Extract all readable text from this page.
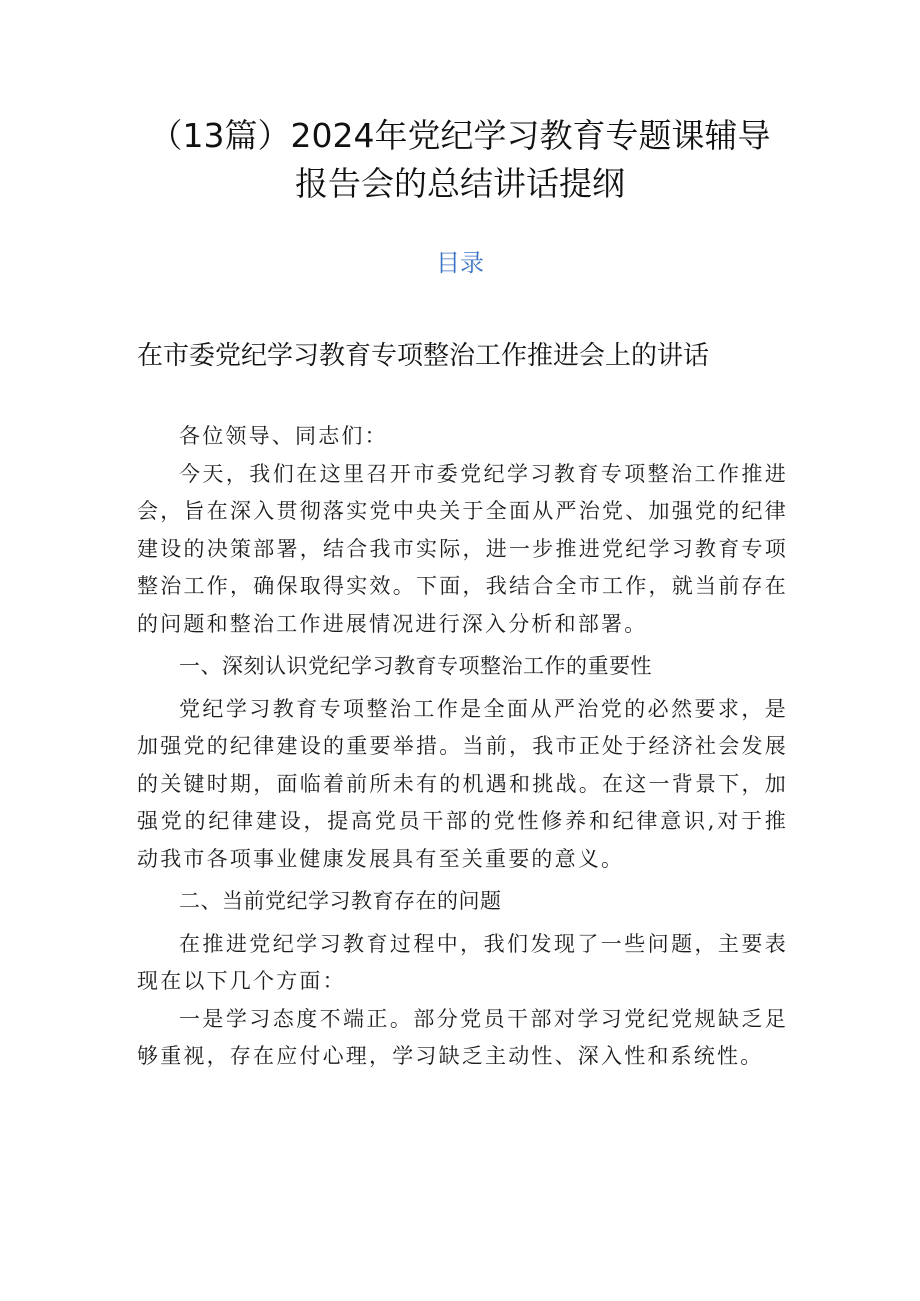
（13篇）2024年党纪学习教育专题课辅导
报告会的总结讲话提纲
目录
在市委党纪学习教育专项整治工作推进会上的讲话

各位领导、同志们：

今天，我们在这里召开市委党纪学习教育专项整治工作推进会，旨在深入贯彻落实党中央关于全面从严治党、加强党的纪律建设的决策部署，结合我市实际，进一步推进党纪学习教育专项整治工作，确保取得实效。下面，我结合全市工作，就当前存在的问题和整治工作进展情况进行深入分析和部署。

一、深刻认识党纪学习教育专项整治工作的重要性

党纪学习教育专项整治工作是全面从严治党的必然要求，是加强党的纪律建设的重要举措。当前，我市正处于经济社会发展的关键时期，面临着前所未有的机遇和挑战。在这一背景下，加强党的纪律建设，提高党员干部的党性修养和纪律意识,对于推动我市各项事业健康发展具有至关重要的意义。

二、当前党纪学习教育存在的问题

在推进党纪学习教育过程中，我们发现了一些问题，主要表现在以下几个方面：

一是学习态度不端正。部分党员干部对学习党纪党规缺乏足够重视，存在应付心理，学习缺乏主动性、深入性和系统性。
